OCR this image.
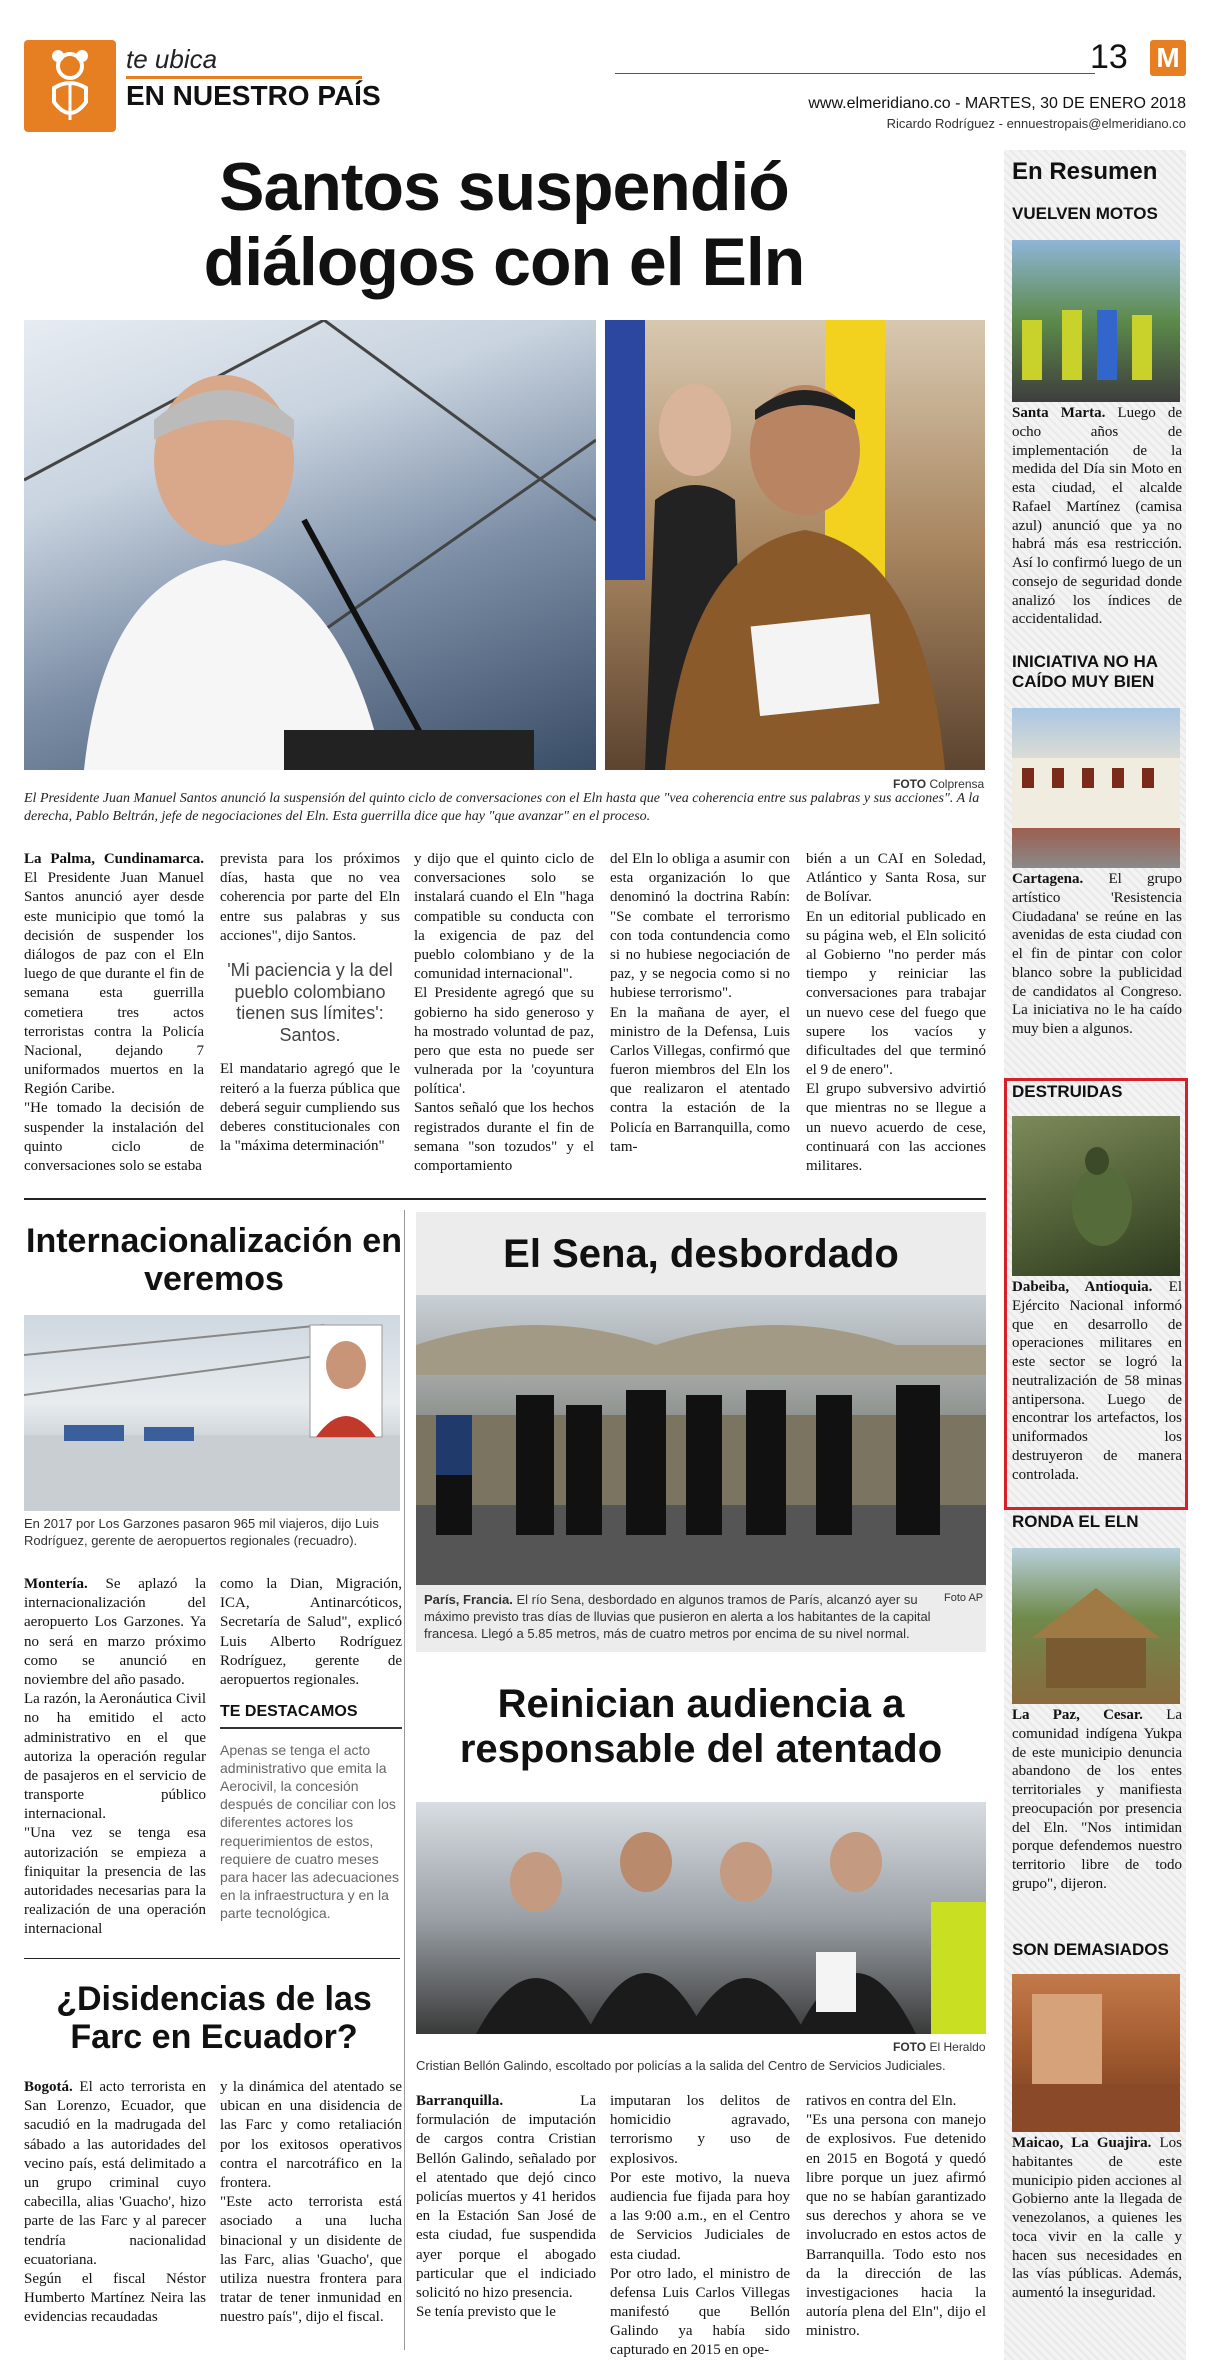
te ubica
EN NUESTRO PAÍS
13 M
www.elmeridiano.co - MARTES, 30 DE ENERO 2018
Ricardo Rodríguez - ennuestropais@elmeridiano.co
Santos suspendió
diálogos con el Eln
FOTO Colprensa
El Presidente Juan Manuel Santos anunció la suspensión del quinto ciclo de conversaciones con el Eln hasta que "vea coherencia entre sus palabras y sus acciones". A la derecha, Pablo Beltrán, jefe de negociaciones del Eln. Esta guerrilla dice que hay "que avanzar" en el proceso.

La Palma, Cundinamarca. El Presidente Juan Manuel Santos anunció ayer desde este municipio que tomó la decisión de suspender los diálogos de paz con el Eln luego de que durante el fin de semana esta guerrilla cometiera tres actos terroristas contra la Policía Nacional, dejando 7 uniformados muertos en la Región Caribe.

"He tomado la decisión de suspender la instalación del quinto ciclo de conversaciones solo se estaba

prevista para los próximos días, hasta que no vea coherencia por parte del Eln entre sus palabras y sus acciones", dijo Santos.

'Mi paciencia y la del pueblo colombiano tienen sus límites': Santos.

El mandatario agregó que le reiteró a la fuerza pública que deberá seguir cumpliendo sus deberes constitucionales con la "máxima determinación"

y dijo que el quinto ciclo de conversaciones solo se instalará cuando el Eln "haga compatible su conducta con la exigencia de paz del pueblo colombiano y de la comunidad internacional".

El Presidente agregó que su gobierno ha sido generoso y ha mostrado voluntad de paz, pero que esta no puede ser vulnerada por la 'coyuntura política'.

Santos señaló que los hechos registrados durante el fin de semana "son tozudos" y el comportamiento

del Eln lo obliga a asumir con esta organización lo que denominó la doctrina Rabín: "Se combate el terrorismo con toda contundencia como si no hubiese negociación de paz, y se negocia como si no hubiese terrorismo".

En la mañana de ayer, el ministro de la Defensa, Luis Carlos Villegas, confirmó que fueron miembros del Eln los que realizaron el atentado contra la estación de la Policía en Barranquilla, como tam-

bién a un CAI en Soledad, Atlántico y Santa Rosa, sur de Bolívar.

En un editorial publicado en su página web, el Eln solicitó al Gobierno "no perder más tiempo y reiniciar las conversaciones para trabajar un nuevo cese del fuego que supere los vacíos y dificultades del que terminó el 9 de enero".

El grupo subversivo advirtió que mientras no se llegue a un nuevo acuerdo de cese, continuará con las acciones militares.

Internacionalización en veremos
En 2017 por Los Garzones pasaron 965 mil viajeros, dijo Luis Rodríguez, gerente de aeropuertos regionales (recuadro).

Montería. Se aplazó la internacionalización del aeropuerto Los Garzones. Ya no será en marzo próximo como se anunció en noviembre del año pasado.

La razón, la Aeronáutica Civil no ha emitido el acto administrativo en el que autoriza la operación regular de pasajeros en el servicio de transporte público internacional.

"Una vez se tenga esa autorización se empieza a finiquitar la presencia de las autoridades necesarias para la realización de una operación internacional

como la Dian, Migración, ICA, Antinarcóticos, Secretaría de Salud", explicó Luis Alberto Rodríguez Rodríguez, gerente de aeropuertos regionales.

TE DESTACAMOS

Apenas se tenga el acto administrativo que emita la Aerocivil, la concesión después de conciliar con los diferentes actores los requerimientos de estos, requiere de cuatro meses para hacer las adecuaciones en la infraestructura y en la parte tecnológica.

¿Disidencias de las Farc en Ecuador?

Bogotá. El acto terrorista en San Lorenzo, Ecuador, que sacudió en la madrugada del sábado a las autoridades del vecino país, está delimitado a un grupo criminal cuyo cabecilla, alias 'Guacho', hizo parte de las Farc y al parecer tendría nacionalidad ecuatoriana.

Según el fiscal Néstor Humberto Martínez Neira las evidencias recaudadas

y la dinámica del atentado se ubican en una disidencia de las Farc y como retaliación por los exitosos operativos contra el narcotráfico en la frontera.

"Este acto terrorista está asociado a una lucha binacional y un disidente de las Farc, alias 'Guacho', que utiliza nuestra frontera para tratar de tener inmunidad en nuestro país", dijo el fiscal.

El Sena, desbordado
París, Francia. El río Sena, desbordado en algunos tramos de París, alcanzó ayer su máximo previsto tras días de lluvias que pusieron en alerta a los habitantes de la capital francesa. Llegó a 5.85 metros, más de cuatro metros por encima de su nivel normal.
Foto AP
Reinician audiencia a responsable del atentado
FOTO El Heraldo
Cristian Bellón Galindo, escoltado por policías a la salida del Centro de Servicios Judiciales.

Barranquilla.	La formulación de imputación de cargos contra Cristian Bellón Galindo, señalado por el atentado que dejó cinco policías muertos y 41 heridos en la Estación San José de esta ciudad, fue suspendida ayer porque el abogado particular que el indiciado solicitó no hizo presencia.

Se tenía previsto que le

imputaran los delitos de homicidio agravado, terrorismo y uso de explosivos.

Por este motivo, la nueva audiencia fue fijada para hoy a las 9:00 a.m., en el Centro de Servicios Judiciales de esta ciudad.

Por otro lado, el ministro de defensa Luis Carlos Villegas manifestó que Bellón Galindo ya había sido capturado en 2015 en ope-

rativos en contra del Eln.

"Es una persona con manejo de explosivos. Fue detenido en 2015 en Bogotá y quedó libre porque un juez afirmó que no se habían garantizado sus derechos y ahora se ve involucrado en estos actos de Barranquilla. Todo esto nos da la dirección de las investigaciones hacia la autoría plena del Eln", dijo el ministro.

En Resumen
VUELVEN MOTOS
Santa Marta. Luego de ocho años de implementación de la medida del Día sin Moto en esta ciudad, el alcalde Rafael Martínez (camisa azul) anunció que ya no habrá más esa restricción. Así lo confirmó luego de un consejo de seguridad donde analizó los índices de accidentalidad.
INICIATIVA NO HA CAÍDO MUY BIEN
Cartagena. El grupo artístico 'Resistencia Ciudadana' se reúne en las avenidas de esta ciudad con el fin de pintar con color blanco sobre la publicidad de candidatos al Congreso. La iniciativa no le ha caído muy bien a algunos.
DESTRUIDAS
Dabeiba, Antioquia. El Ejército Nacional informó que en desarrollo de operaciones militares en este sector se logró la neutralización de 58 minas antipersona. Luego de encontrar los artefactos, los uniformados los destruyeron de manera controlada.
RONDA EL ELN
La Paz, Cesar. La comunidad indígena Yukpa de este municipio denuncia abandono de los entes territoriales y manifiesta preocupación por presencia del Eln. "Nos intimidan porque defendemos nuestro territorio libre de todo grupo", dijeron.
SON DEMASIADOS
Maicao, La Guajira. Los habitantes de este municipio piden acciones al Gobierno ante la llegada de venezolanos, a quienes les toca vivir en la calle y hacen sus necesidades en las vías públicas. Además, aumentó la inseguridad.
